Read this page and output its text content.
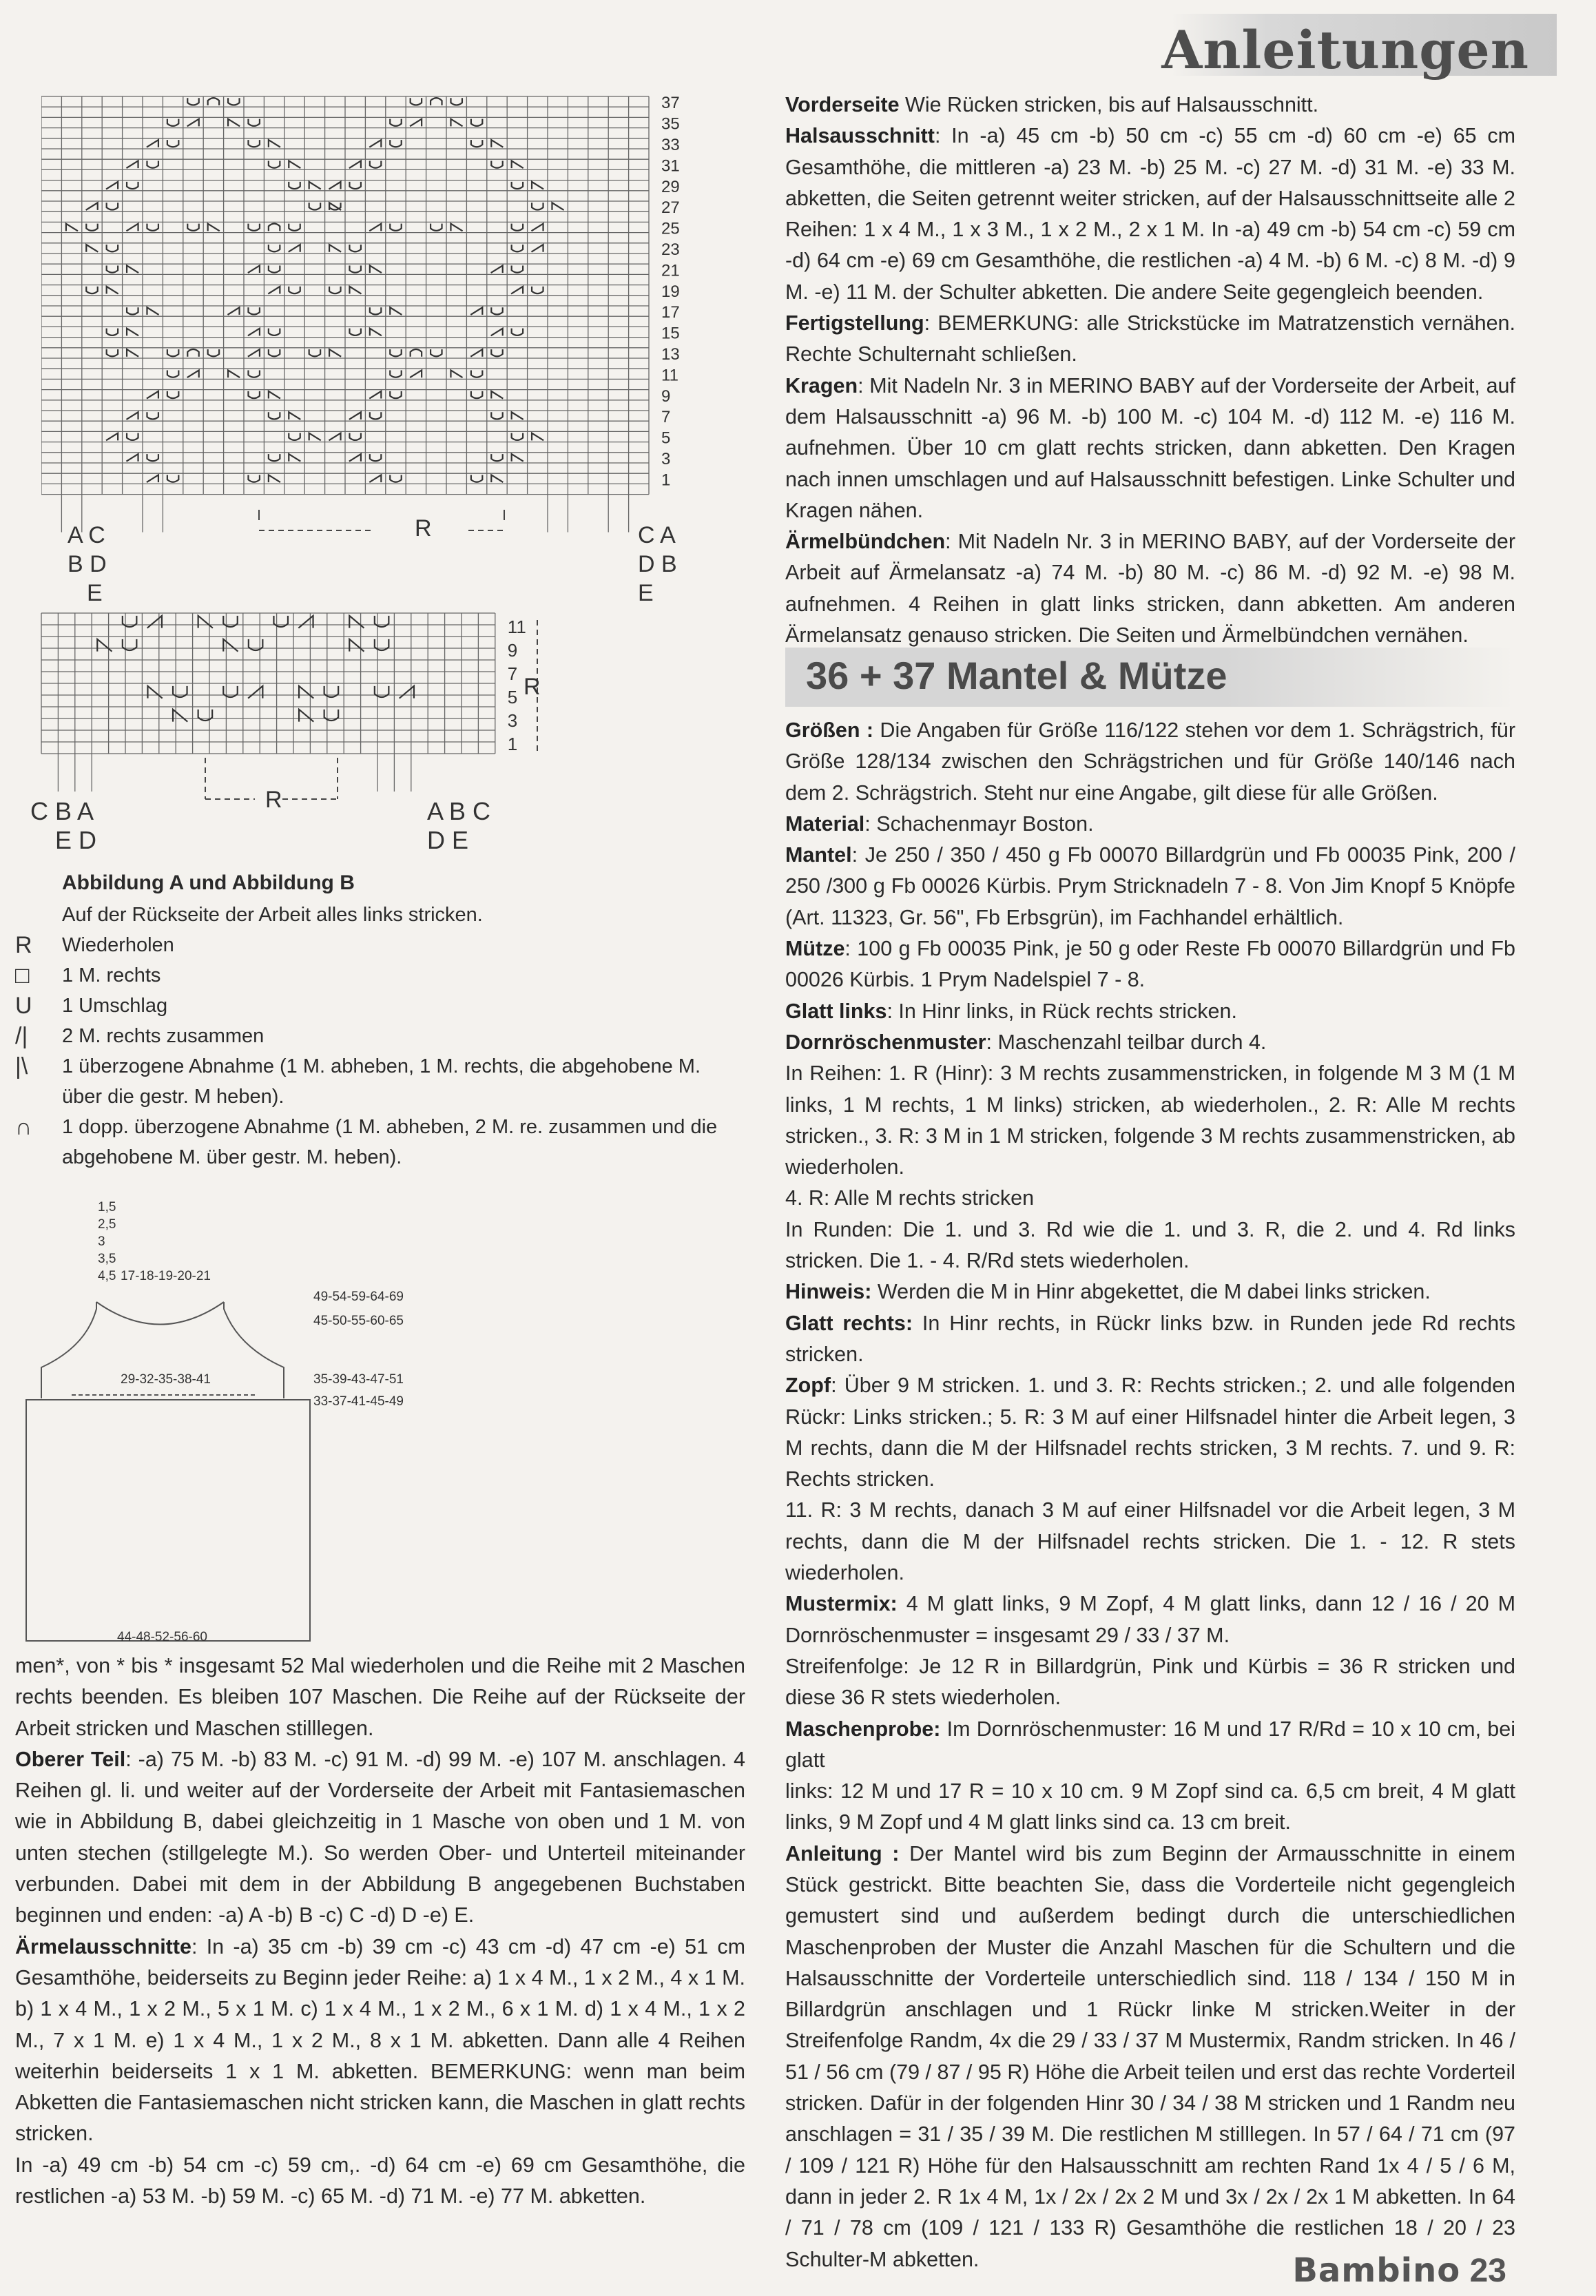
Anleitungen
37
35
33
31
29
27
25
23
21
19
17
15
13
11
9
7
5
3
1
R
A C
B D
E
C A
D B
E
11
9
7
5
3
1
R
R
C B A
E D
A B C
D E
Abbildung A und Abbildung B
Auf der Rückseite der Arbeit alles links stricken.
R	Wiederholen
□	1 M. rechts
U	1 Umschlag
/|	2 M. rechts zusammen
|\	1 überzogene Abnahme (1 M. abheben, 1 M. rechts, die abgehobene M. über die gestr. M heben).
∩	1 dopp. überzogene Abnahme (1 M. abheben, 2 M. re. zusammen und die abgehobene M. über gestr. M. heben).
1,5
2,5
3
3,5
4,5 17-18-19-20-21
29-32-35-38-41
49-54-59-64-69
45-50-55-60-65
35-39-43-47-51
33-37-41-45-49
44-48-52-56-60

men*, von * bis * insgesamt 52 Mal wiederholen und die Reihe mit 2 Maschen rechts beenden. Es bleiben 107 Maschen. Die Reihe auf der Rückseite der Arbeit stricken und Maschen stilllegen.

Oberer Teil: -a) 75 M. -b) 83 M. -c) 91 M. -d) 99 M. -e) 107 M. anschlagen. 4 Reihen gl. li. und weiter auf der Vorderseite der Arbeit mit Fantasiemaschen wie in Abbildung B, dabei gleichzeitig in 1 Masche von oben und 1 M. von unten stechen (stillgelegte M.). So werden Ober- und Unterteil miteinander verbunden. Dabei mit dem in der Abbildung B angegebenen Buchstaben beginnen und enden: -a) A -b) B -c) C -d) D -e) E.

Ärmelausschnitte: In -a) 35 cm -b) 39 cm -c) 43 cm -d) 47 cm -e) 51 cm Gesamthöhe, beiderseits zu Beginn jeder Reihe: a) 1 x 4 M., 1 x 2 M., 4 x 1 M. b) 1 x 4 M., 1 x 2 M., 5 x 1 M. c) 1 x 4 M., 1 x 2 M., 6 x 1 M. d) 1 x 4 M., 1 x 2 M., 7 x 1 M. e) 1 x 4 M., 1 x 2 M., 8 x 1 M. abketten. Dann alle 4 Reihen weiterhin beiderseits 1 x 1 M. abketten. BEMERKUNG: wenn man beim Abketten die Fantasiemaschen nicht stricken kann, die Maschen in glatt rechts stricken.

In -a) 49 cm -b) 54 cm -c) 59 cm,. -d) 64 cm -e) 69 cm Gesamthöhe, die restlichen -a) 53 M. -b) 59 M. -c) 65 M. -d) 71 M. -e) 77 M. abketten.

Vorderseite Wie Rücken stricken, bis auf Halsausschnitt.

Halsausschnitt: In -a) 45 cm -b) 50 cm -c) 55 cm -d) 60 cm -e) 65 cm Gesamthöhe, die mittleren -a) 23 M. -b) 25 M. -c) 27 M. -d) 31 M. -e) 33 M. abketten, die Seiten getrennt weiter stricken, auf der Halsausschnittseite alle 2 Reihen: 1 x 4 M., 1 x 3 M., 1 x 2 M., 2 x 1 M. In -a) 49 cm -b) 54 cm -c) 59 cm -d) 64 cm -e) 69 cm Gesamthöhe, die restlichen -a) 4 M. -b) 6 M. -c) 8 M. -d) 9 M. -e) 11 M. der Schulter abketten. Die andere Seite gegengleich beenden.

Fertigstellung: BEMERKUNG: alle Strickstücke im Matratzenstich vernähen. Rechte Schulternaht schließen.

Kragen: Mit Nadeln Nr. 3 in MERINO BABY auf der Vorderseite der Arbeit, auf dem Halsausschnitt -a) 96 M. -b) 100 M. -c) 104 M. -d) 112 M. -e) 116 M. aufnehmen. Über 10 cm glatt rechts stricken, dann abketten. Den Kragen nach innen umschlagen und auf Halsausschnitt befestigen. Linke Schulter und Kragen nähen.

Ärmelbündchen: Mit Nadeln Nr. 3 in MERINO BABY, auf der Vorderseite der Arbeit auf Ärmelansatz -a) 74 M. -b) 80 M. -c) 86 M. -d) 92 M. -e) 98 M. aufnehmen. 4 Reihen in glatt links stricken, dann abketten. Am anderen Ärmelansatz genauso stricken. Die Seiten und Ärmelbündchen vernähen.

36 + 37 Mantel & Mütze

Größen : Die Angaben für Größe 116/122 stehen vor dem 1. Schrägstrich, für Größe 128/134 zwischen den Schrägstrichen und für Größe 140/146 nach dem 2. Schrägstrich. Steht nur eine Angabe, gilt diese für alle Größen.

Material: Schachenmayr Boston.

Mantel: Je 250 / 350 / 450 g Fb 00070 Billardgrün und Fb 00035 Pink, 200 / 250 /300 g Fb 00026 Kürbis. Prym Stricknadeln 7 - 8. Von Jim Knopf 5 Knöpfe (Art. 11323, Gr. 56", Fb Erbsgrün), im Fachhandel erhältlich.

Mütze: 100 g Fb 00035 Pink, je 50 g oder Reste Fb 00070 Billardgrün und Fb 00026 Kürbis. 1 Prym Nadelspiel 7 - 8.

Glatt links: In Hinr links, in Rück rechts stricken.

Dornröschenmuster: Maschenzahl teilbar durch 4.

In Reihen: 1. R (Hinr): 3 M rechts zusammenstricken, in folgende M 3 M (1 M links, 1 M rechts, 1 M links) stricken, ab wiederholen., 2. R: Alle M rechts stricken., 3. R: 3 M in 1 M stricken, folgende 3 M rechts zusammenstricken, ab wiederholen.

4. R: Alle M rechts stricken

In Runden: Die 1. und 3. Rd wie die 1. und 3. R, die 2. und 4. Rd links stricken. Die 1. - 4. R/Rd stets wiederholen.

Hinweis: Werden die M in Hinr abgekettet, die M dabei links stricken.

Glatt rechts: In Hinr rechts, in Rückr links bzw. in Runden jede Rd rechts stricken.

Zopf: Über 9 M stricken. 1. und 3. R: Rechts stricken.; 2. und alle folgenden Rückr: Links stricken.; 5. R: 3 M auf einer Hilfsnadel hinter die Arbeit legen, 3 M rechts, dann die M der Hilfsnadel rechts stricken, 3 M rechts. 7. und 9. R: Rechts stricken.

11. R: 3 M rechts, danach 3 M auf einer Hilfsnadel vor die Arbeit legen, 3 M rechts, dann die M der Hilfsnadel rechts stricken. Die 1. - 12. R stets wiederholen.

Mustermix: 4 M glatt links, 9 M Zopf, 4 M glatt links, dann 12 / 16 / 20 M Dornröschenmuster = insgesamt 29 / 33 / 37 M.

Streifenfolge: Je 12 R in Billardgrün, Pink und Kürbis = 36 R stricken und diese 36 R stets wiederholen.

Maschenprobe: Im Dornröschenmuster: 16 M und 17 R/Rd = 10 x 10 cm, bei glatt

links: 12 M und 17 R = 10 x 10 cm. 9 M Zopf sind ca. 6,5 cm breit, 4 M glatt links, 9 M Zopf und 4 M glatt links sind ca. 13 cm breit.

Anleitung : Der Mantel wird bis zum Beginn der Armausschnitte in einem Stück gestrickt. Bitte beachten Sie, dass die Vorderteile nicht gegengleich gemustert sind und außerdem bedingt durch die unterschiedlichen Maschenproben der Muster die Anzahl Maschen für die Schultern und die Halsausschnitte der Vorderteile unterschiedlich sind. 118 / 134 / 150 M in Billardgrün anschlagen und 1 Rückr linke M stricken.Weiter in der Streifenfolge Randm, 4x die 29 / 33 / 37 M Mustermix, Randm stricken. In 46 / 51 / 56 cm (79 / 87 / 95 R) Höhe die Arbeit teilen und erst das rechte Vorderteil stricken. Dafür in der folgenden Hinr 30 / 34 / 38 M stricken und 1 Randm neu anschlagen = 31 / 35 / 39 M. Die restlichen M stilllegen. In 57 / 64 / 71 cm (97 / 109 / 121 R) Höhe für den Halsausschnitt am rechten Rand 1x 4 / 5 / 6 M, dann in jeder 2. R 1x 4 M, 1x / 2x / 2x 2 M und 3x / 2x / 2x 1 M abketten. In 64 / 71 / 78 cm (109 / 121 / 133 R) Gesamthöhe die restlichen 18 / 20 / 23 Schulter-M abketten.	Bambino 23
